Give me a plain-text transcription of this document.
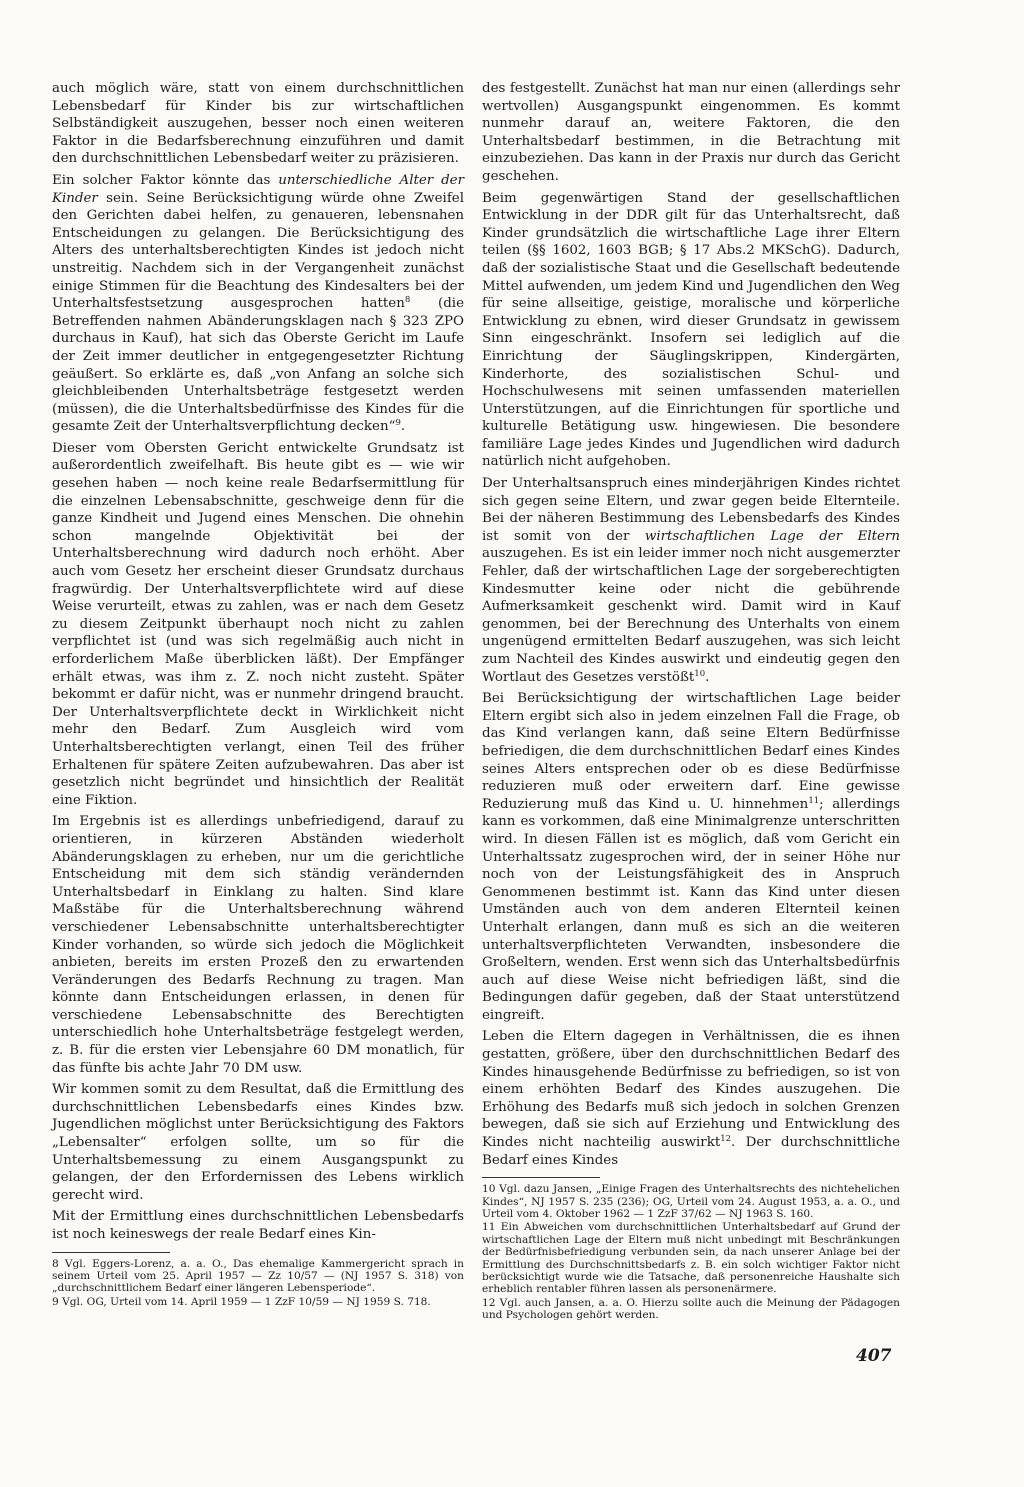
auch möglich wäre, statt von einem durchschnittlichen Lebensbedarf für Kinder bis zur wirtschaftlichen Selbständigkeit auszugehen, besser noch einen weiteren Faktor in die Bedarfsberechnung einzuführen und damit den durchschnittlichen Lebensbedarf weiter zu präzisieren.

Ein solcher Faktor könnte das unterschiedliche Alter der Kinder sein. Seine Berücksichtigung würde ohne Zweifel den Gerichten dabei helfen, zu genaueren, lebensnahen Entscheidungen zu gelangen. Die Berücksichtigung des Alters des unterhaltsberechtigten Kindes ist jedoch nicht unstreitig. Nachdem sich in der Vergangenheit zunächst einige Stimmen für die Beachtung des Kindesalters bei der Unterhaltsfestsetzung ausgesprochen hatten$^8$ (die Betreffenden nahmen Abänderungsklagen nach § 323 ZPO durchaus in Kauf), hat sich das Oberste Gericht im Laufe der Zeit immer deutlicher in entgegengesetzter Richtung geäußert. So erklärte es, daß „von Anfang an solche sich gleichbleibenden Unterhaltsbeträge festgesetzt werden (müssen), die die Unterhaltsbedürfnisse des Kindes für die gesamte Zeit der Unterhaltsverpflichtung decken“$^9$.

Dieser vom Obersten Gericht entwickelte Grundsatz ist außerordentlich zweifelhaft. Bis heute gibt es — wie wir gesehen haben — noch keine reale Bedarfsermittlung für die einzelnen Lebensabschnitte, geschweige denn für die ganze Kindheit und Jugend eines Menschen. Die ohnehin schon mangelnde Objektivität bei der Unterhaltsberechnung wird dadurch noch erhöht. Aber auch vom Gesetz her erscheint dieser Grundsatz durchaus fragwürdig. Der Unterhaltsverpflichtete wird auf diese Weise verurteilt, etwas zu zahlen, was er nach dem Gesetz zu diesem Zeitpunkt überhaupt noch nicht zu zahlen verpflichtet ist (und was sich regelmäßig auch nicht in erforderlichem Maße überblicken läßt). Der Empfänger erhält etwas, was ihm z. Z. noch nicht zusteht. Später bekommt er dafür nicht, was er nunmehr dringend braucht. Der Unterhaltsverpflichtete deckt in Wirklichkeit nicht mehr den Bedarf. Zum Ausgleich wird vom Unterhaltsberechtigten verlangt, einen Teil des früher Erhaltenen für spätere Zeiten aufzubewahren. Das aber ist gesetzlich nicht begründet und hinsichtlich der Realität eine Fiktion.

Im Ergebnis ist es allerdings unbefriedigend, darauf zu orientieren, in kürzeren Abständen wiederholt Abänderungsklagen zu erheben, nur um die gerichtliche Entscheidung mit dem sich ständig verändernden Unterhaltsbedarf in Einklang zu halten. Sind klare Maßstäbe für die Unterhaltsberechnung während verschiedener Lebensabschnitte unterhaltsberechtigter Kinder vorhanden, so würde sich jedoch die Möglichkeit anbieten, bereits im ersten Prozeß den zu erwartenden Veränderungen des Bedarfs Rechnung zu tragen. Man könnte dann Entscheidungen erlassen, in denen für verschiedene Lebensabschnitte des Berechtigten unterschiedlich hohe Unterhaltsbeträge festgelegt werden, z. B. für die ersten vier Lebensjahre 60 DM monatlich, für das fünfte bis achte Jahr 70 DM usw.

Wir kommen somit zu dem Resultat, daß die Ermittlung des durchschnittlichen Lebensbedarfs eines Kindes bzw. Jugendlichen möglichst unter Berücksichtigung des Faktors „Lebensalter“ erfolgen sollte, um so für die Unterhaltsbemessung zu einem Ausgangspunkt zu gelangen, der den Erfordernissen des Lebens wirklich gerecht wird.

Mit der Ermittlung eines durchschnittlichen Lebensbedarfs ist noch keineswegs der reale Bedarf eines Kin-

8 Vgl. Eggers-Lorenz, a. a. O., Das ehemalige Kammergericht sprach in seinem Urteil vom 25. April 1957 — Zz 10/57 — (NJ 1957 S. 318) von „durchschnittlichem Bedarf einer längeren Lebensperiode“.

9 Vgl. OG, Urteil vom 14. April 1959 — 1 ZzF 10/59 — NJ 1959 S. 718.

des festgestellt. Zunächst hat man nur einen (allerdings sehr wertvollen) Ausgangspunkt eingenommen. Es kommt nunmehr darauf an, weitere Faktoren, die den Unterhaltsbedarf bestimmen, in die Betrachtung mit einzubeziehen. Das kann in der Praxis nur durch das Gericht geschehen.

Beim gegenwärtigen Stand der gesellschaftlichen Entwicklung in der DDR gilt für das Unterhaltsrecht, daß Kinder grundsätzlich die wirtschaftliche Lage ihrer Eltern teilen (§§ 1602, 1603 BGB; § 17 Abs.2 MKSchG). Dadurch, daß der sozialistische Staat und die Gesellschaft bedeutende Mittel aufwenden, um jedem Kind und Jugendlichen den Weg für seine allseitige, geistige, moralische und körperliche Entwicklung zu ebnen, wird dieser Grundsatz in gewissem Sinn eingeschränkt. Insofern sei lediglich auf die Einrichtung der Säuglingskrippen, Kindergärten, Kinderhorte, des sozialistischen Schul- und Hochschulwesens mit seinen umfassenden materiellen Unterstützungen, auf die Einrichtungen für sportliche und kulturelle Betätigung usw. hingewiesen. Die besondere familiäre Lage jedes Kindes und Jugendlichen wird dadurch natürlich nicht aufgehoben.

Der Unterhaltsanspruch eines minderjährigen Kindes richtet sich gegen seine Eltern, und zwar gegen beide Elternteile. Bei der näheren Bestimmung des Lebensbedarfs des Kindes ist somit von der wirtschaftlichen Lage der Eltern auszugehen. Es ist ein leider immer noch nicht ausgemerzter Fehler, daß der wirtschaftlichen Lage der sorgeberechtigten Kindesmutter keine oder nicht die gebührende Aufmerksamkeit geschenkt wird. Damit wird in Kauf genommen, bei der Berechnung des Unterhalts von einem ungenügend ermittelten Bedarf auszugehen, was sich leicht zum Nachteil des Kindes auswirkt und eindeutig gegen den Wortlaut des Gesetzes verstößt$^{10}$.

Bei Berücksichtigung der wirtschaftlichen Lage beider Eltern ergibt sich also in jedem einzelnen Fall die Frage, ob das Kind verlangen kann, daß seine Eltern Bedürfnisse befriedigen, die dem durchschnittlichen Bedarf eines Kindes seines Alters entsprechen oder ob es diese Bedürfnisse reduzieren muß oder erweitern darf. Eine gewisse Reduzierung muß das Kind u. U. hinnehmen$^{11}$; allerdings kann es vorkommen, daß eine Minimalgrenze unterschritten wird. In diesen Fällen ist es möglich, daß vom Gericht ein Unterhaltssatz zugesprochen wird, der in seiner Höhe nur noch von der Leistungsfähigkeit des in Anspruch Genommenen bestimmt ist. Kann das Kind unter diesen Umständen auch von dem anderen Elternteil keinen Unterhalt erlangen, dann muß es sich an die weiteren unterhaltsverpflichteten Verwandten, insbesondere die Großeltern, wenden. Erst wenn sich das Unterhaltsbedürfnis auch auf diese Weise nicht befriedigen läßt, sind die Bedingungen dafür gegeben, daß der Staat unterstützend eingreift.

Leben die Eltern dagegen in Verhältnissen, die es ihnen gestatten, größere, über den durchschnittlichen Bedarf des Kindes hinausgehende Bedürfnisse zu befriedigen, so ist von einem erhöhten Bedarf des Kindes auszugehen. Die Erhöhung des Bedarfs muß sich jedoch in solchen Grenzen bewegen, daß sie sich auf Erziehung und Entwicklung des Kindes nicht nachteilig auswirkt$^{12}$. Der durchschnittliche Bedarf eines Kindes

10 Vgl. dazu Jansen, „Einige Fragen des Unterhaltsrechts des nichtehelichen Kindes“, NJ 1957 S. 235 (236); OG, Urteil vom 24. August 1953, a. a. O., und Urteil vom 4. Oktober 1962 — 1 ZzF 37/62 — NJ 1963 S. 160.

11 Ein Abweichen vom durchschnittlichen Unterhaltsbedarf auf Grund der wirtschaftlichen Lage der Eltern muß nicht unbedingt mit Beschränkungen der Bedürfnisbefriedigung verbunden sein, da nach unserer Anlage bei der Ermittlung des Durchschnittsbedarfs z. B. ein solch wichtiger Faktor nicht berücksichtigt wurde wie die Tatsache, daß personenreiche Haushalte sich erheblich rentabler führen lassen als personenärmere.

12 Vgl. auch Jansen, a. a. O. Hierzu sollte auch die Meinung der Pädagogen und Psychologen gehört werden.

407
